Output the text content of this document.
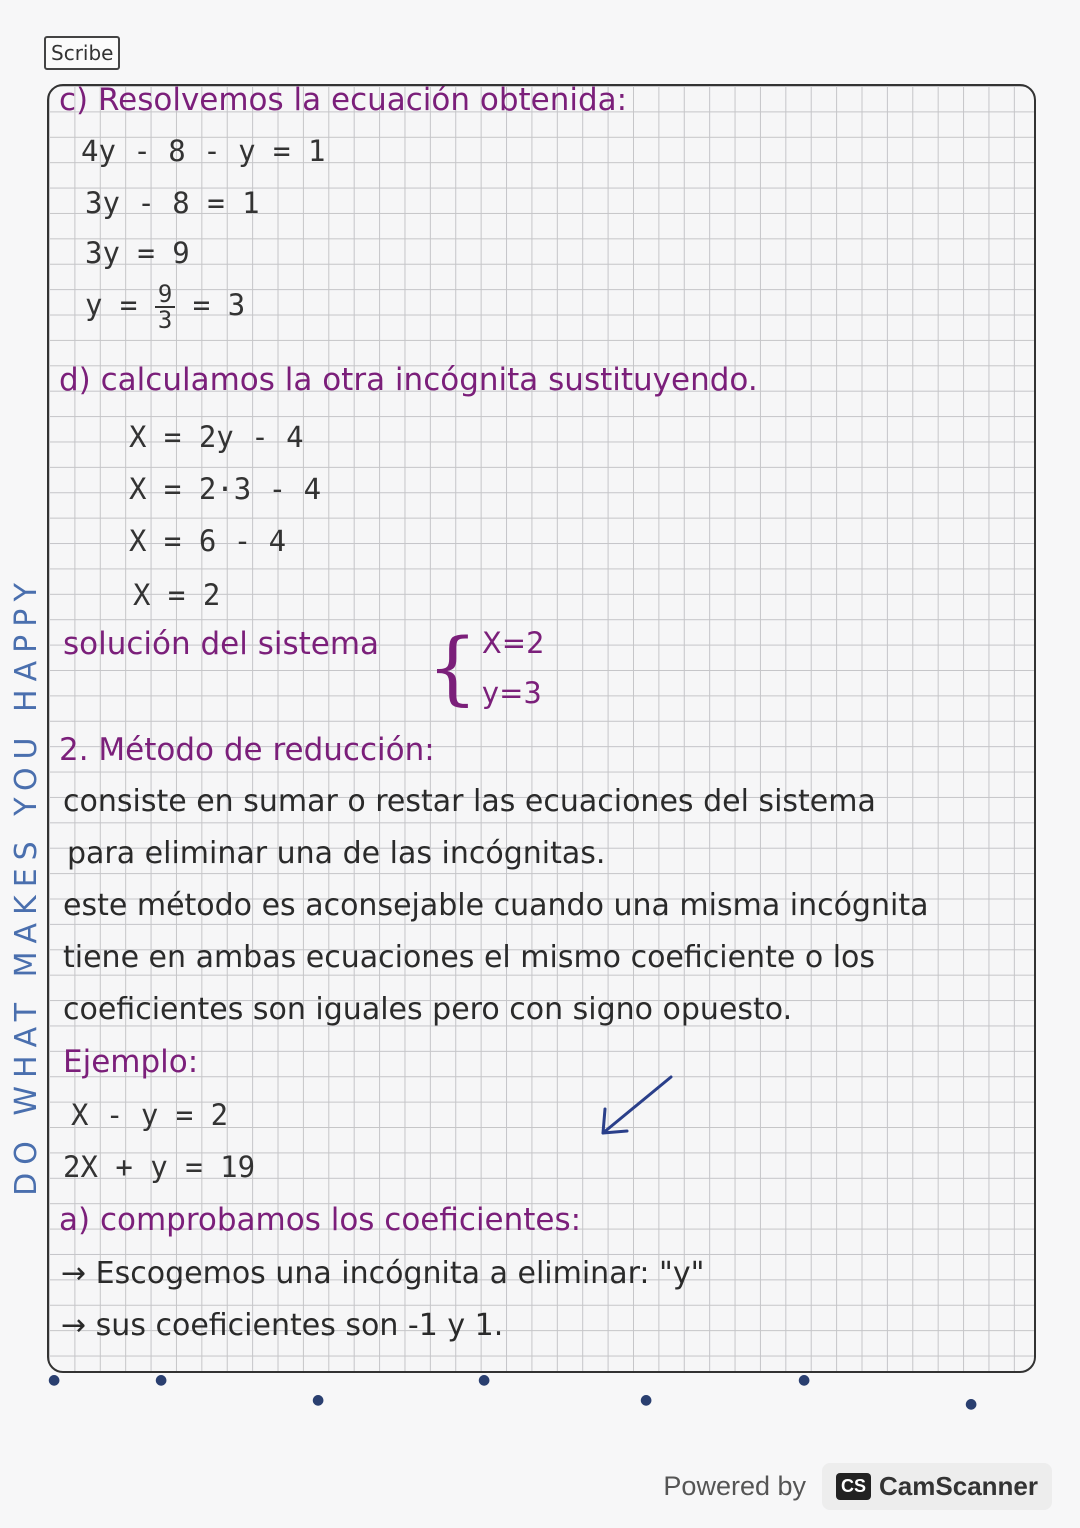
Scribe
DO WHAT MAKES YOU HAPPY
c) Resolvemos la ecuación obtenida:
4y - 8 - y = 1
3y - 8 = 1
3y = 9
$y = \frac{9}{3} = 3$
d) calculamos la otra incógnita sustituyendo.
X = 2y - 4
X = 2·3 - 4
X = 6 - 4
X = 2
solución del sistema { X=2
y=3
2. Método de reducción:
consiste en sumar o restar las ecuaciones del sistema
para eliminar una de las incógnitas.
este método es aconsejable cuando una misma incógnita
tiene en ambas ecuaciones el mismo coeficiente o los
coeficientes son iguales pero con signo opuesto.
Ejemplo:
X - y = 2
2X + y = 19
a) comprobamos los coeficientes:
→ Escogemos una incógnita a eliminar: "y"
→ sus coeficientes son -1 y 1.
●	●
●
●
●
●
●
Powered by CS CamScanner
